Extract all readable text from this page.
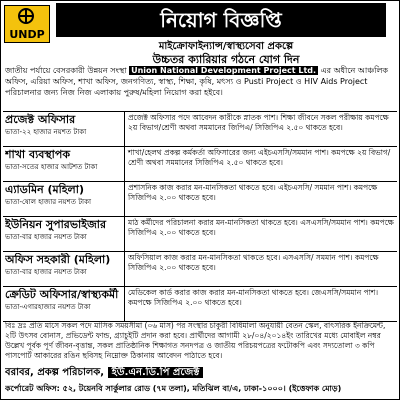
UNDP
নিয়োগ বিজ্ঞপ্তি
মাইক্রোফাইন্যান্স/স্বাস্থ্যসেবা প্রকল্পে
উচ্চতর ক্যারিয়ার গঠনে যোগ দিন
জাতীয় পর্যায়ে বেসরকারী উন্নয়ন সংস্থা Union National Development Project Ltd. এর অধীনে আঞ্চলিক অফিস, এরিয়া অফিস, শাখা অফিস, জনগণিত্য, স্বাস্থ্য, শিক্ষা, কৃষি, মৎস্য ও Pusti Project ও HIV Aids Project পরিচালনার জন্য নিজ নিজ এলাকায় পুরুষ/মহিলা নিয়োগ করা হইবে।
প্রজেক্ট অফিসার
ভাতা-২২ হাজার নয়শত টাকা
প্রজেক্ট অফিসার পদে আবেদন কারীকে স্নাতক পাশ। শিক্ষা জীবনে সকল পরীক্ষায় কমপক্ষে ২য় বিভাগ/শ্রেণী অথবা সমমানের জিপিএ/ সিজিপিএ ২.৫০ থাকতে হবে।
শাখা ব্যবস্থাপক
ভাতা-সতের হাজার আটশত টাকা
শাখা/হেলথ প্রকল্প কর্মকর্তা অফিসারের জন্য এইচএসসি/সমমান পাশ। কমপক্ষে ২য় বিভাগ/শ্রেণী অথবা সমমানের সিজিপিএ ২.৫০ থাকতে হবে।
এ্যাডমিন (মহিলা)
ভাতা-ষোল হাজার নয়শত টাকা
প্রশাসনিক কাজ করার মন-মানসিকতা থাকতে হবে। এইচএসসি/ সমমান পাশ। কমপক্ষে সিজিপিএ ২.০০ থাকতে হবে।
ইউনিয়ন সুপারভাইজার
ভাতা-বার হাজার নয়শত টাকা
মাঠ কর্মীদের পরিচালনা করার মন-মানসিকতা থাকতে হবে। এসএসসি/সমমান পাশ। কমপক্ষে সিজিপিএ ২.০০ থাকতে হবে।
অফিস সহকারী (মহিলা)
ভাতা-বার হাজার নয়শত টাকা
অফিসিয়াল কাজ করার মন-মানসিকতা থাকতে হবে। এসএসসি/ সমমান পাশ। কমপক্ষে সিজিপিএ ২.০০ থাকতে হবে।
ক্রেডিট অফিসার/স্বাস্থ্যকর্মী
ভাতা-এগারহাজার নয়শত টাকা
মেডিকেল কার্ড করার কাজ করার মন-মানসিকতা থাকতে হবে। জেএসসি/সমমান পাশ। কমপক্ষে সিজিপিএ ২.০০ থাকতে হবে।
বিঃ দ্রঃ প্রতি মাসে সকল পদে মাসিক সময়সীমা (০৬ মাস) পর সংস্থার চাকুরী বিধিমালা অনুযায়ী বেতন স্কেল, বাৎসরিক ইনক্রিমেন্ট, ২টি উৎসব বোনাস, প্রভিডেন্ট ফান্ড, গ্র্যাচুইটি প্রদান করা হবে। প্রার্থীদের আগামী ২৮/০৪/২০১৪ইং তারিখের মধ্যে মোবাইল নম্বর উল্লেখ পূর্বক পূর্ণ জীবন-বৃত্তান্ত, সকল প্রাতিষ্ঠানিক শিক্ষাগত সনদপত্র ও জাতীয় পরিচয়পত্রের ফটোকপি এবং সদ্যতোলা ৩ কপি পাসপোর্ট আকারের রঙিন ছবিসহ নিম্নোক্ত ঠিকানায় আবেদন পাঠাতে হবে।
বরাবর, প্রকল্প পরিচালক, ইউ.এন.ডি.পি প্রজেক্ট
কর্পোরেট অফিস: ৫২, টয়েনবি সার্কুলার রোড (৭ম তলা), মতিঝিল বা/এ, ঢাকা-১০০০। (ইত্তেফাক মোড়)
